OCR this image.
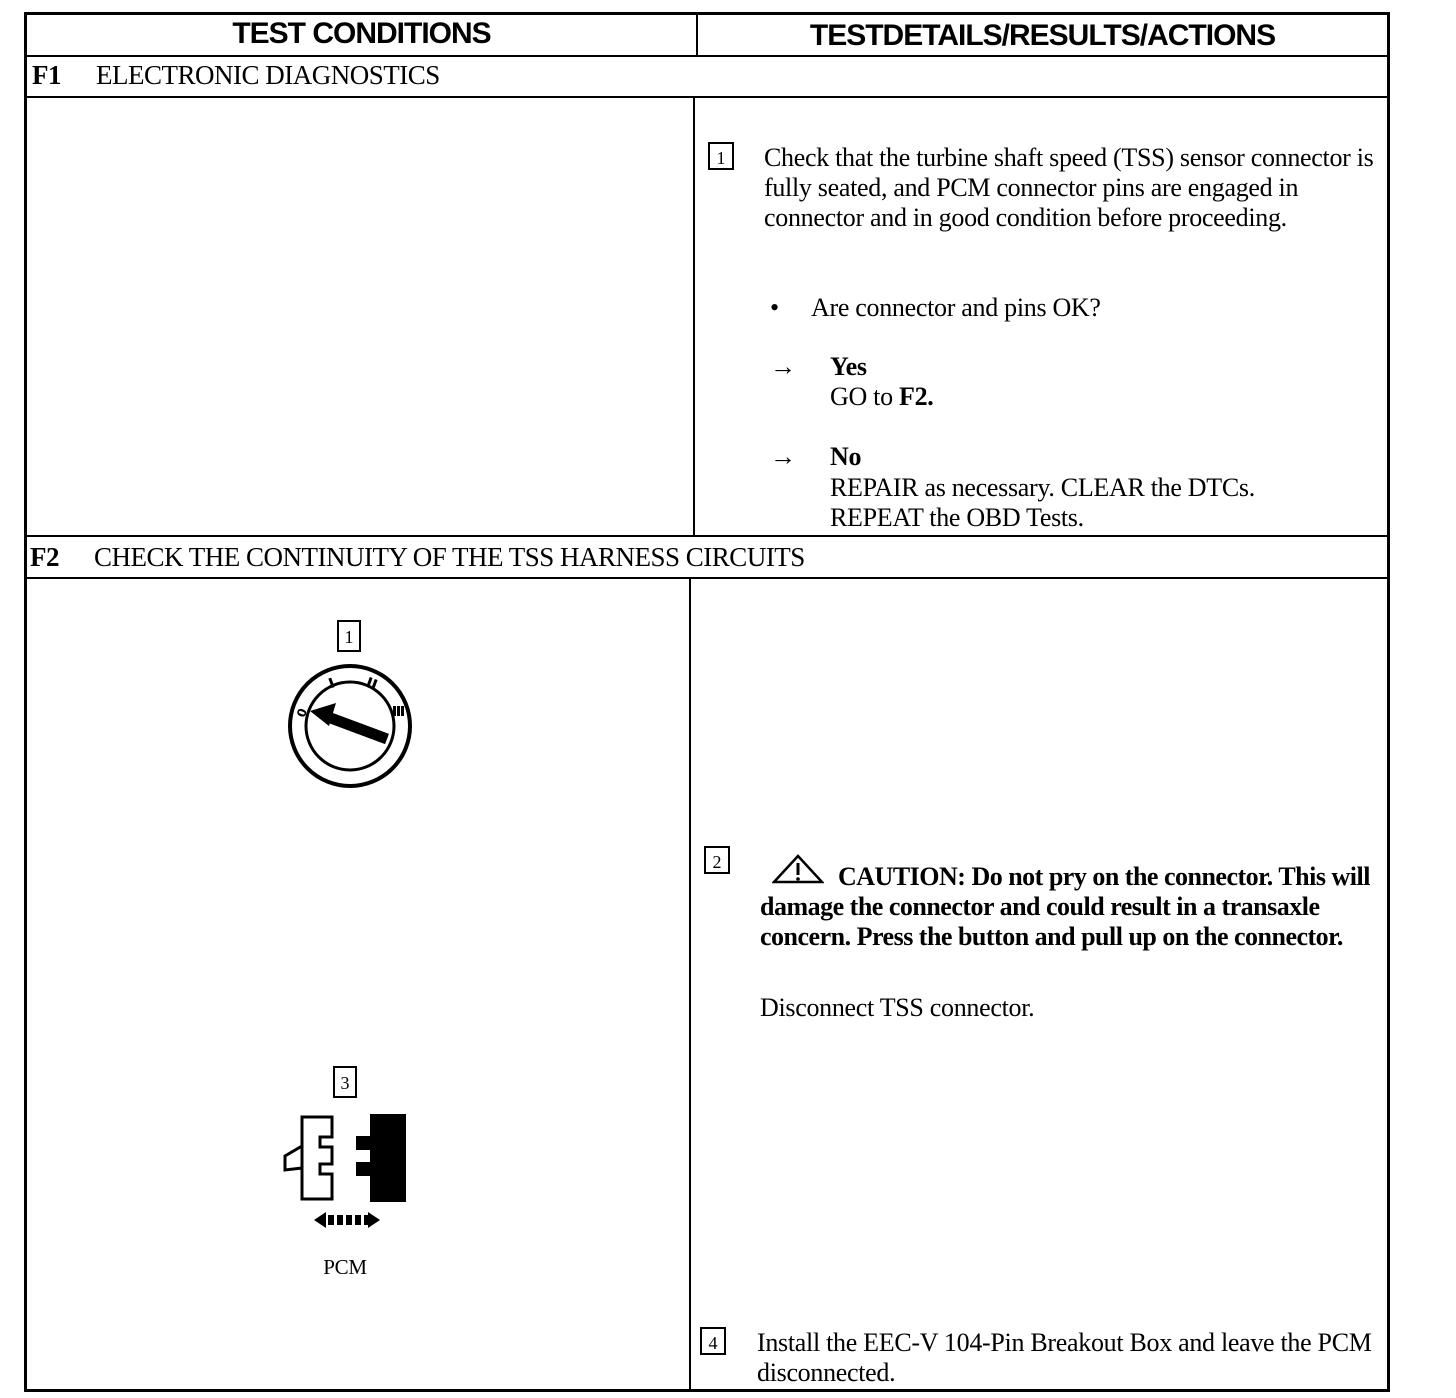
TEST CONDITIONS	TESTDETAILS/RESULTS/ACTIONS
F1 ELECTRONIC DIAGNOSTICS
1	Check that the turbine shaft speed (TSS) sensor connector is fully seated, and PCM connector pins are engaged in connector and in good condition before proceeding.
• Are connector and pins OK?
→ Yes
GO to F2.
→ No
REPAIR as necessary. CLEAR the DTCs.
REPEAT the OBD Tests.
F2 CHECK THE CONTINUITY OF THE TSS HARNESS CIRCUITS
1
0
3
PCM
2	CAUTION: Do not pry on the connector. This will damage the connector and could result in a transaxle concern. Press the button and pull up on the connector.
Disconnect TSS connector.
4	Install the EEC-V 104-Pin Breakout Box and leave the PCM disconnected.
